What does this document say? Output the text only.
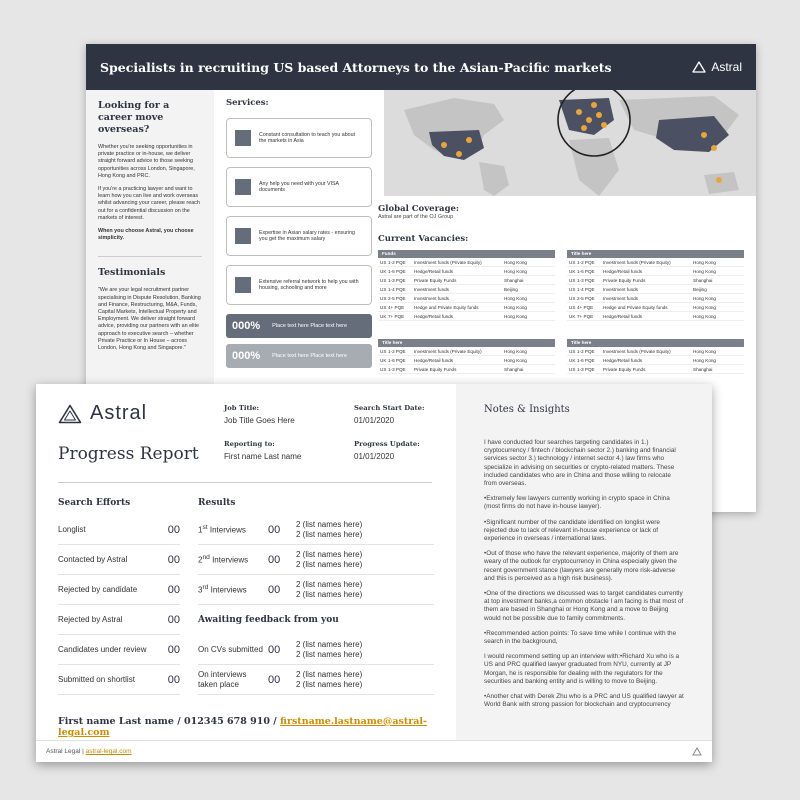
Specialists in recruiting US based Attorneys to the Asian-Pacific markets	Astral
Looking for a career move overseas?

Whether you're seeking opportunities in private practice or in-house, we deliver straight forward advice to those seeking opportunities across London, Singapore, Hong Kong and PRC.

If you're a practicing lawyer and want to learn how you can live and work overseas whilst advancing your career, please reach out for a confidential discussion on the markets of interest.

When you choose Astral, you choose simplicity.

Testimonials

"We are your legal recruitment partner specialising in Dispute Resolution, Banking and Finance, Restructuring, M&A, Funds, Capital Markets, Intellectual Property and Employment. We deliver straight forward advice, providing our partners with an elite approach to executive search – whether Private Practice or In House – across London, Hong Kong and Singapore."

Services:
Constant consultation to teach you about the markets in Asia
Any help you need with your VISA documents
Expertise in Asian salary rates - ensuring you get the maximum salary
Extensive referral network to help you with housing, schooling and more
000% Place text here Place text here
000% Place text here Place text here
Global Coverage:
Astral are part of the OJ Group
Current Vacancies:
Funds
US 1-2 PQE	Investment funds (Private Equity)	Hong Kong
UK 1-6 PQE	Hedge/Retail funds	Hong Kong
US 1-3 PQE	Private Equity Funds	Shanghai
US 1-4 PQE	Investment funds	Beijing
US 2-5 PQE	Investment funds	Hong Kong
US 4+ PQE	Hedge and Private Equity funds	Hong Kong
UK 7+ PQE	Hedge/Retail funds	Hong Kong
Title here
US 1-2 PQE	Investment funds (Private Equity)	Hong Kong
UK 1-6 PQE	Hedge/Retail funds	Hong Kong
US 1-3 PQE	Private Equity Funds	Shanghai
US 1-4 PQE	Investment funds	Beijing
US 2-5 PQE	Investment funds	Hong Kong
US 4+ PQE	Hedge and Private Equity funds	Hong Kong
UK 7+ PQE	Hedge/Retail funds	Hong Kong
Title here
US 1-2 PQE	Investment funds (Private Equity)	Hong Kong
UK 1-6 PQE	Hedge/Retail funds	Hong Kong
US 1-3 PQE	Private Equity Funds	Shanghai
Title here
US 1-2 PQE	Investment funds (Private Equity)	Hong Kong
UK 1-6 PQE	Hedge/Retail funds	Hong Kong
US 1-3 PQE	Private Equity Funds	Shanghai
Astral
Progress Report
Job Title:
Job Title Goes Here
Reporting to:
First name Last name
Search Start Date:
01/01/2020
Progress Update:
01/01/2020
Search Efforts
Longlist	00
Contacted by Astral	00
Rejected by candidate	00
Rejected by Astral	00
Candidates under review 00
Submitted on shortlist	00
Results
1st Interviews	00	2 (list names here)
2 (list names here)
2nd Interviews	00	2 (list names here)
2 (list names here)
3rd Interviews	00	2 (list names here)
2 (list names here)
Awaiting feedback from you
On CVs submitted 00	2 (list names here)
2 (list names here)
On interviews taken place	00	2 (list names here)
2 (list names here)
First name Last name / 012345 678 910 / firstname.lastname@astral-legal.com
Notes & Insights

I have conducted four searches targeting candidates in 1.) cryptocurrency / fintech / blockchain sector 2.) banking and financial services sector 3.) technology / internet sector 4.) law firms who specialize in advising on securities or crypto-related matters. These included candidates who are in China and those willing to relocate from overseas.

•Extremely few lawyers currently working in crypto space in China (most firms do not have in-house lawyer).

•Significant number of the candidate identified on longlist were rejected due to lack of relevant in-house experience or lack of experience in overseas / international laws.

•Out of those who have the relevant experience, majority of them are weary of the outlook for cryptocurrency in China especially given the recent government stance (lawyers are generally more risk-adverse and this is perceived as a high risk business).

•One of the directions we discussed was to target candidates currently at top investment banks,a common obstacle I am facing is that most of them are based in Shanghai or Hong Kong and a move to Beijing would not be possible due to family commitments.

•Recommended action points: To save time while I continue with the search in the background,

I would recommend setting up an interview with:•Richard Xu who is a US and PRC qualified lawyer graduated from NYU, currently at JP Morgan, he is responsible for dealing with the regulators for the securities and banking entity and is willing to move to Beijing.

•Another chat with Derek Zhu who is a PRC and US qualified lawyer at World Bank with strong passion for blockchain and cryptocurrency

Astral Legal | astral-legal.com
